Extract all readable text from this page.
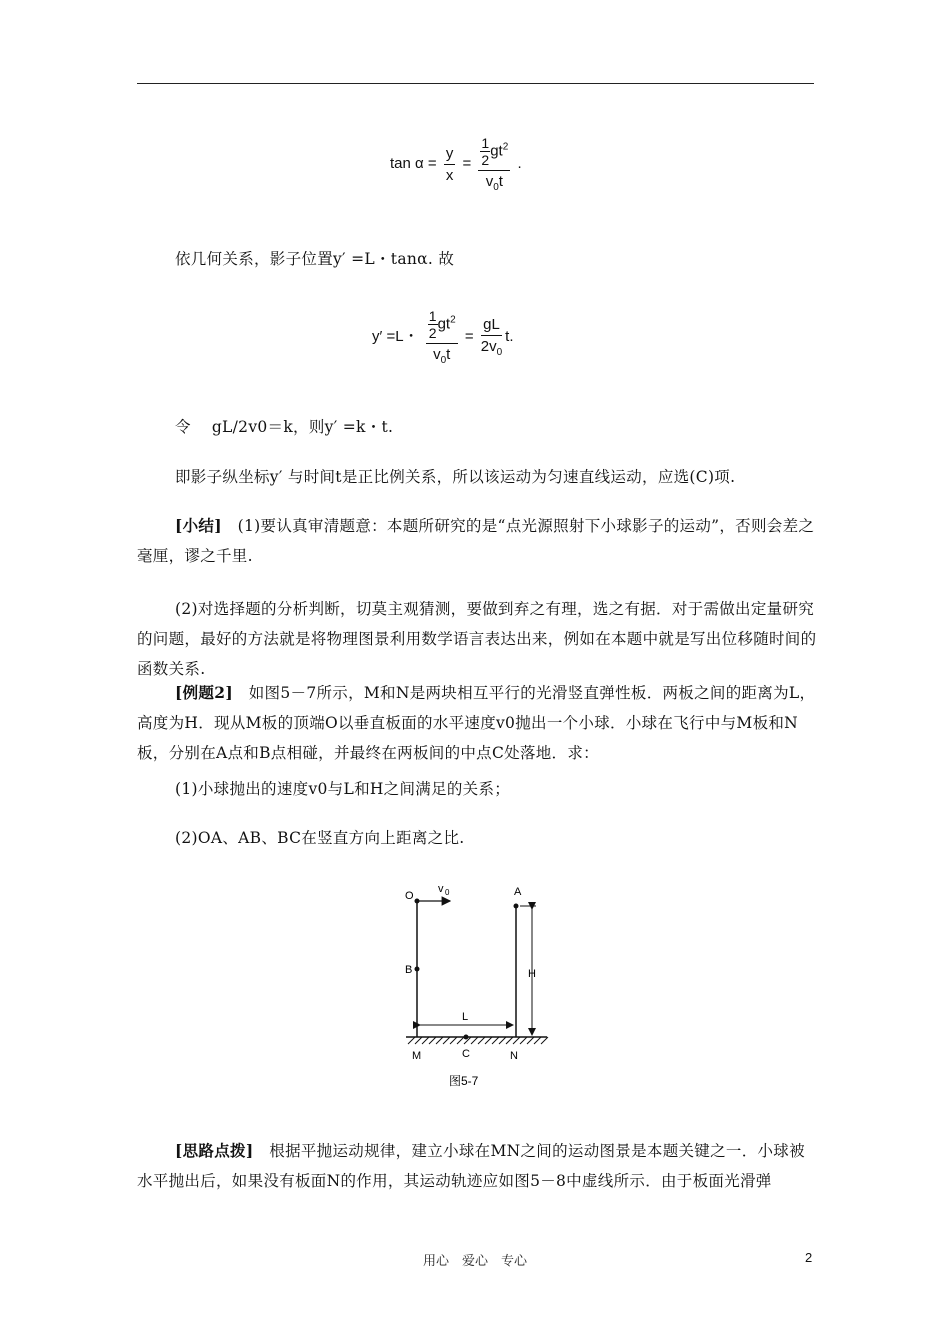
$\tan \alpha = \frac{y}{x} = \frac{\frac{1}{2} gt^2}{v_0t}$ .
依几何关系，影子位置y′ =L・tanα. 故
y′ =L・ $\frac{\frac{1}{2} gt^2}{v_0t} = \frac{gL}{2v_0} t$.
令　 gL/2v0＝k，则y′ =k・t.
即影子纵坐标y′ 与时间t是正比例关系，所以该运动为匀速直线运动，应选(C)项.
[小结]　(1)要认真审清题意：本题所研究的是“点光源照射下小球影子的运动”，否则会差之毫厘，谬之千里.
(2)对选择题的分析判断，切莫主观猜测，要做到弃之有理，选之有据．对于需做出定量研究的问题，最好的方法就是将物理图景利用数学语言表达出来，例如在本题中就是写出位移随时间的函数关系.
[例题2]　如图5－7所示，M和N是两块相互平行的光滑竖直弹性板．两板之间的距离为L，高度为H．现从M板的顶端O以垂直板面的水平速度v0抛出一个小球．小球在飞行中与M板和N板，分别在A点和B点相碰，并最终在两板间的中点C处落地．求：
(1)小球抛出的速度v0与L和H之间满足的关系；
(2)OA、AB、BC在竖直方向上距离之比.
O
v 0	A
B	H
L
M	C	N
图5-7
[思路点拨]　根据平抛运动规律，建立小球在MN之间的运动图景是本题关键之一．小球被水平抛出后，如果没有板面N的作用，其运动轨迹应如图5－8中虚线所示．由于板面光滑弹
用心　爱心　专心	2
